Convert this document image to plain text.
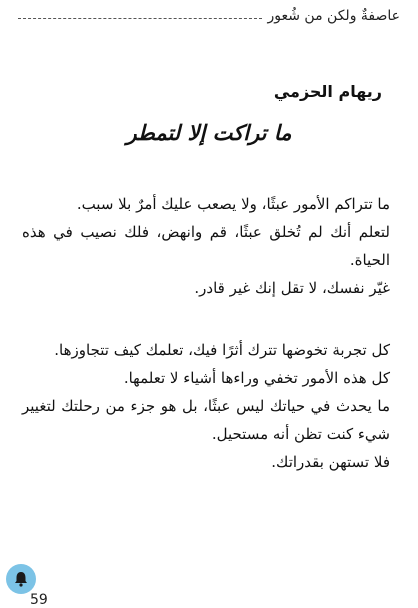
عاصفةٌ ولكن من شُعور
ريهام الحزمي
ما تراكت إلا لتمطر

ما تتراكم الأمور عبثًا، ولا يصعب عليك أمرٌ بلا سبب.

لتعلم أنك لم تُخلق عبثًا، قم وانهض، فلك نصيب في هذه الحياة.

غيّر نفسك، لا تقل إنك غير قادر.

كل تجربة تخوضها تترك أثرًا فيك، تعلمك كيف تتجاوزها.

كل هذه الأمور تخفي وراءها أشياء لا تعلمها.

ما يحدث في حياتك ليس عبثًا، بل هو جزء من رحلتك لتغيير شيء كنت تظن أنه مستحيل.

فلا تستهن بقدراتك.

59
